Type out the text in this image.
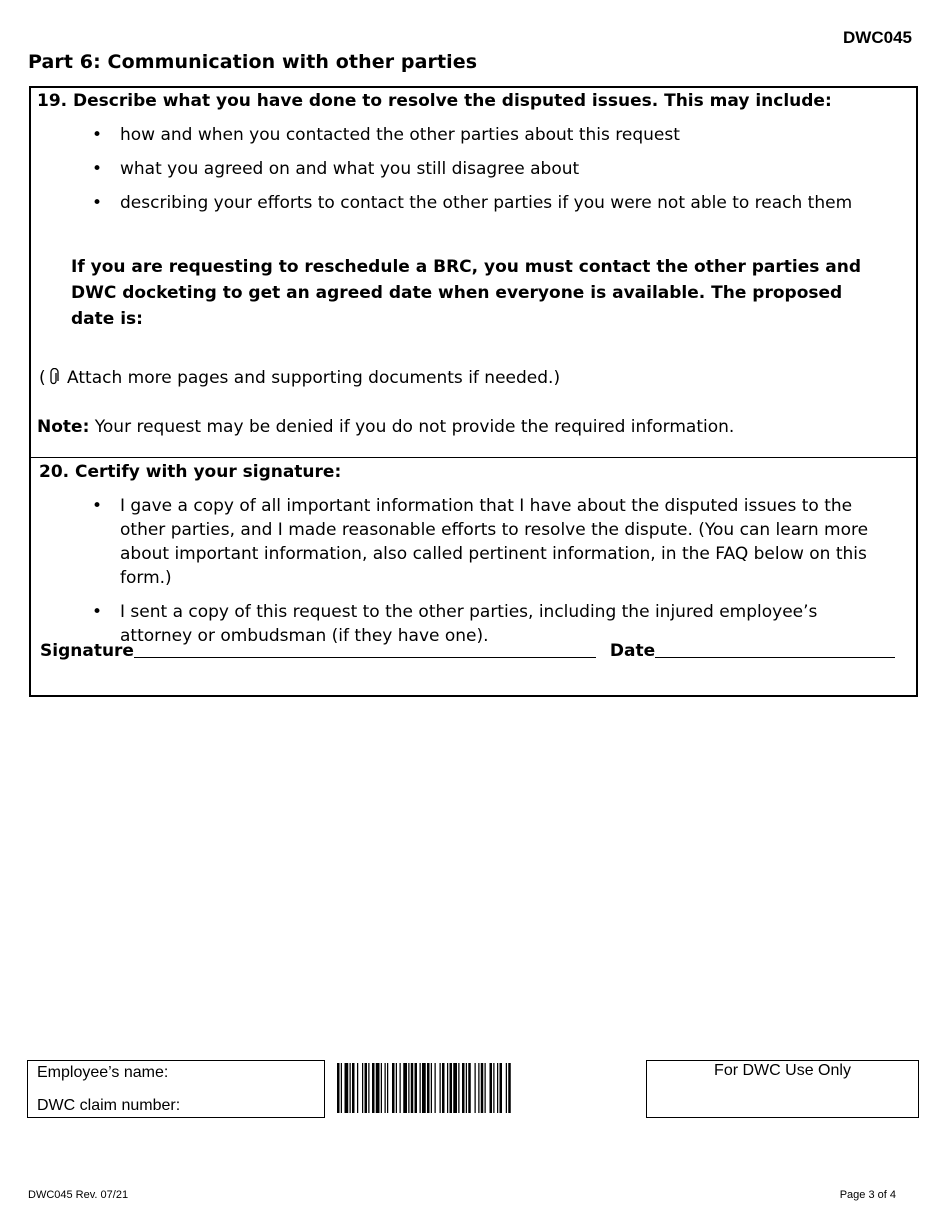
DWC045
Part 6: Communication with other parties
19. Describe what you have done to resolve the disputed issues. This may include:
• how and when you contacted the other parties about this request
• what you agreed on and what you still disagree about
• describing your efforts to contact the other parties if you were not able to reach them
If you are requesting to reschedule a BRC, you must contact the other parties and DWC docketing to get an agreed date when everyone is available. The proposed date is:
( Attach more pages and supporting documents if needed.)
Note: Your request may be denied if you do not provide the required information.
20. Certify with your signature:
• I gave a copy of all important information that I have about the disputed issues to the other parties, and I made reasonable efforts to resolve the dispute. (You can learn more about important information, also called pertinent information, in the FAQ below on this form.)
• I sent a copy of this request to the other parties, including the injured employee’s attorney or ombudsman (if they have one).
Signature	Date
Employee’s name:
DWC claim number:
For DWC Use Only
DWC045 Rev. 07/21	Page 3 of 4
